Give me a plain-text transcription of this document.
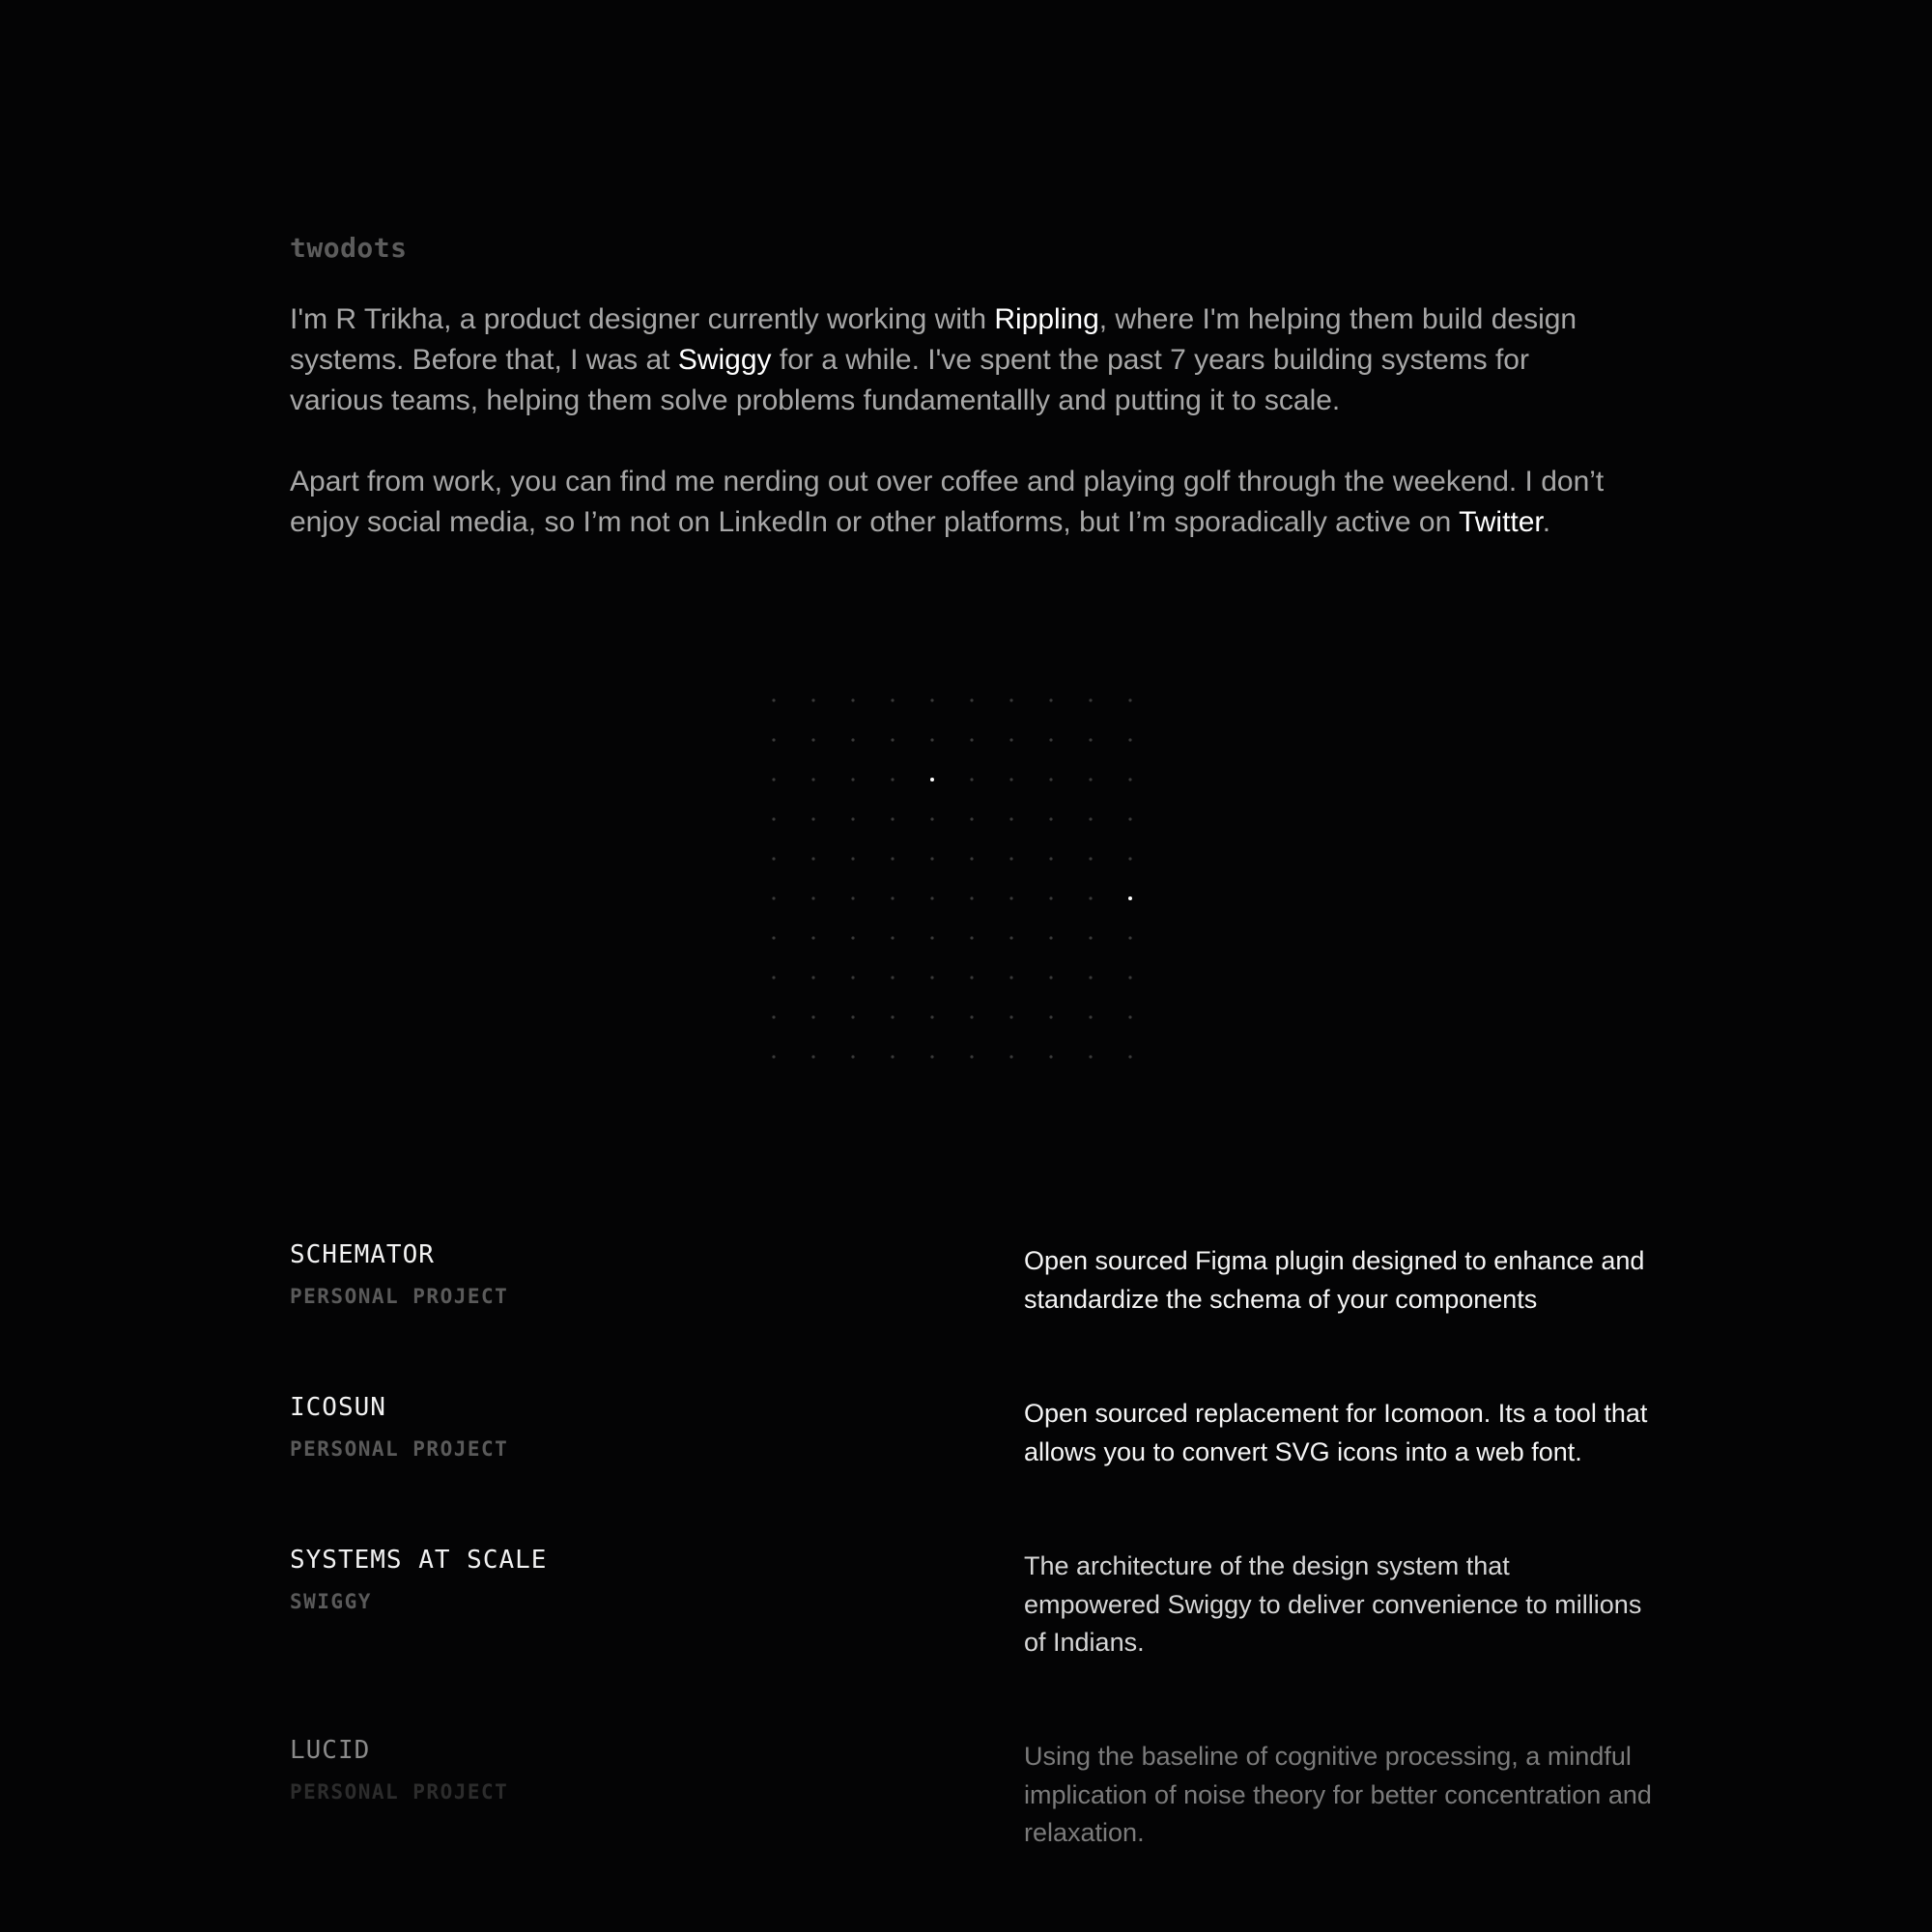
twodots

I'm R Trikha, a product designer currently working with Rippling, where I'm helping them build design systems. Before that, I was at Swiggy for a while. I've spent the past 7 years building systems for various teams, helping them solve problems fundamentallly and putting it to scale.

Apart from work, you can find me nerding out over coffee and playing golf through the weekend. I don’t enjoy social media, so I’m not on LinkedIn or other platforms, but I’m sporadically active on Twitter.

SCHEMATOR
PERSONAL PROJECT
Open sourced Figma plugin designed to enhance and standardize the schema of your components
ICOSUN
PERSONAL PROJECT
Open sourced replacement for Icomoon. Its a tool that allows you to convert SVG icons into a web font.
SYSTEMS AT SCALE
SWIGGY
The architecture of the design system that empowered Swiggy to deliver convenience to millions of Indians.
LUCID
PERSONAL PROJECT
Using the baseline of cognitive processing, a mindful implication of noise theory for better concentration and relaxation.
